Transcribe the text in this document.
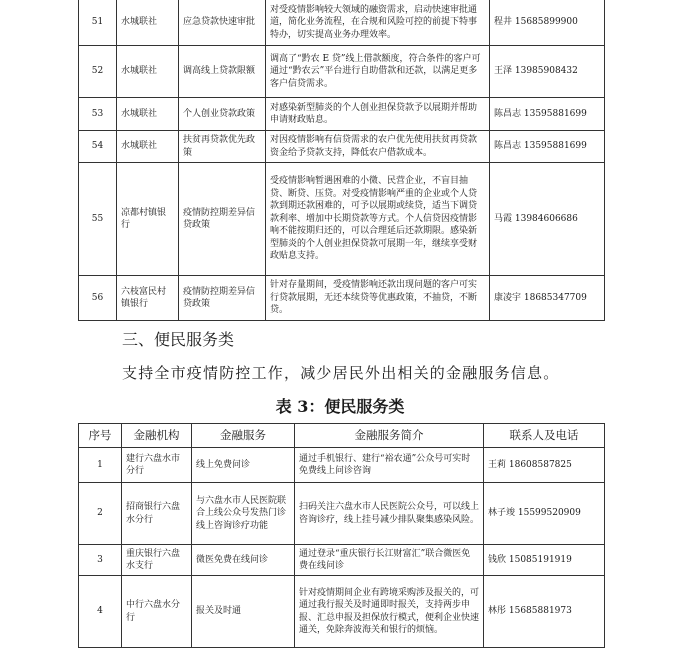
51	水城联社	应急贷款快速审批	对受疫情影响较大领域的融资需求，启动快速审批通道，简化业务流程，在合规和风险可控的前提下特事特办，切实提高业务办理效率。	程井 15685899900
52	水城联社	调高线上贷款限额	调高了“黔农 E 贷”线上借款额度，符合条件的客户可通过“黔农云”平台进行自助借款和还款，以满足更多客户信贷需求。	王泽 13985908432
53	水城联社	个人创业贷款政策	对感染新型肺炎的个人创业担保贷款予以展期并帮助申请财政贴息。	陈昌志 13595881699
54	水城联社	扶贫再贷款优先政策	对因疫情影响有信贷需求的农户优先使用扶贫再贷款资金给予贷款支持，降低农户借款成本。	陈昌志 13595881699
55	凉都村镇银行	疫情防控期差异信贷政策	受疫情影响暂遇困难的小微、民营企业，不盲目抽贷、断贷、压贷。对受疫情影响严重的企业或个人贷款到期还款困难的，可予以展期或续贷，适当下调贷款利率、增加中长期贷款等方式。个人信贷因疫情影响不能按期归还的，可以合理延后还款期限。感染新型肺炎的个人创业担保贷款可展期一年，继续享受财政贴息支持。	马霞 13984606686
56	六枝富民村镇银行	疫情防控期差异信贷政策	针对存量期间，受疫情影响还款出现问题的客户可实行贷款展期，无还本续贷等优惠政策，不抽贷，不断贷。	康凌宇 18685347709
三、便民服务类

支持全市疫情防控工作，减少居民外出相关的金融服务信息。

表 3：便民服务类
序号	金融机构	金融服务	金融服务简介	联系人及电话
1	建行六盘水市分行	线上免费问诊	通过手机银行、建行“裕农通”公众号可实时免费线上问诊咨询	王莉 18608587825
2	招商银行六盘水分行	与六盘水市人民医院联合上线公众号发热门诊线上咨询诊疗功能	扫码关注六盘水市人民医院公众号，可以线上咨询诊疗，线上挂号减少排队聚集感染风险。	林子竣 15599520909
3	重庆银行六盘水支行	微医免费在线问诊	通过登录“重庆银行长江财富汇”联合微医免费在线问诊	钱欣 15085191919
4	中行六盘水分行	报关及时通	针对疫情期间企业有跨境采购涉及报关的，可通过我行报关及时通即时报关，支持两步申报、汇总申报及担保放行模式，便利企业快速通关，免除奔波海关和银行的烦恼。	林彤 15685881973
